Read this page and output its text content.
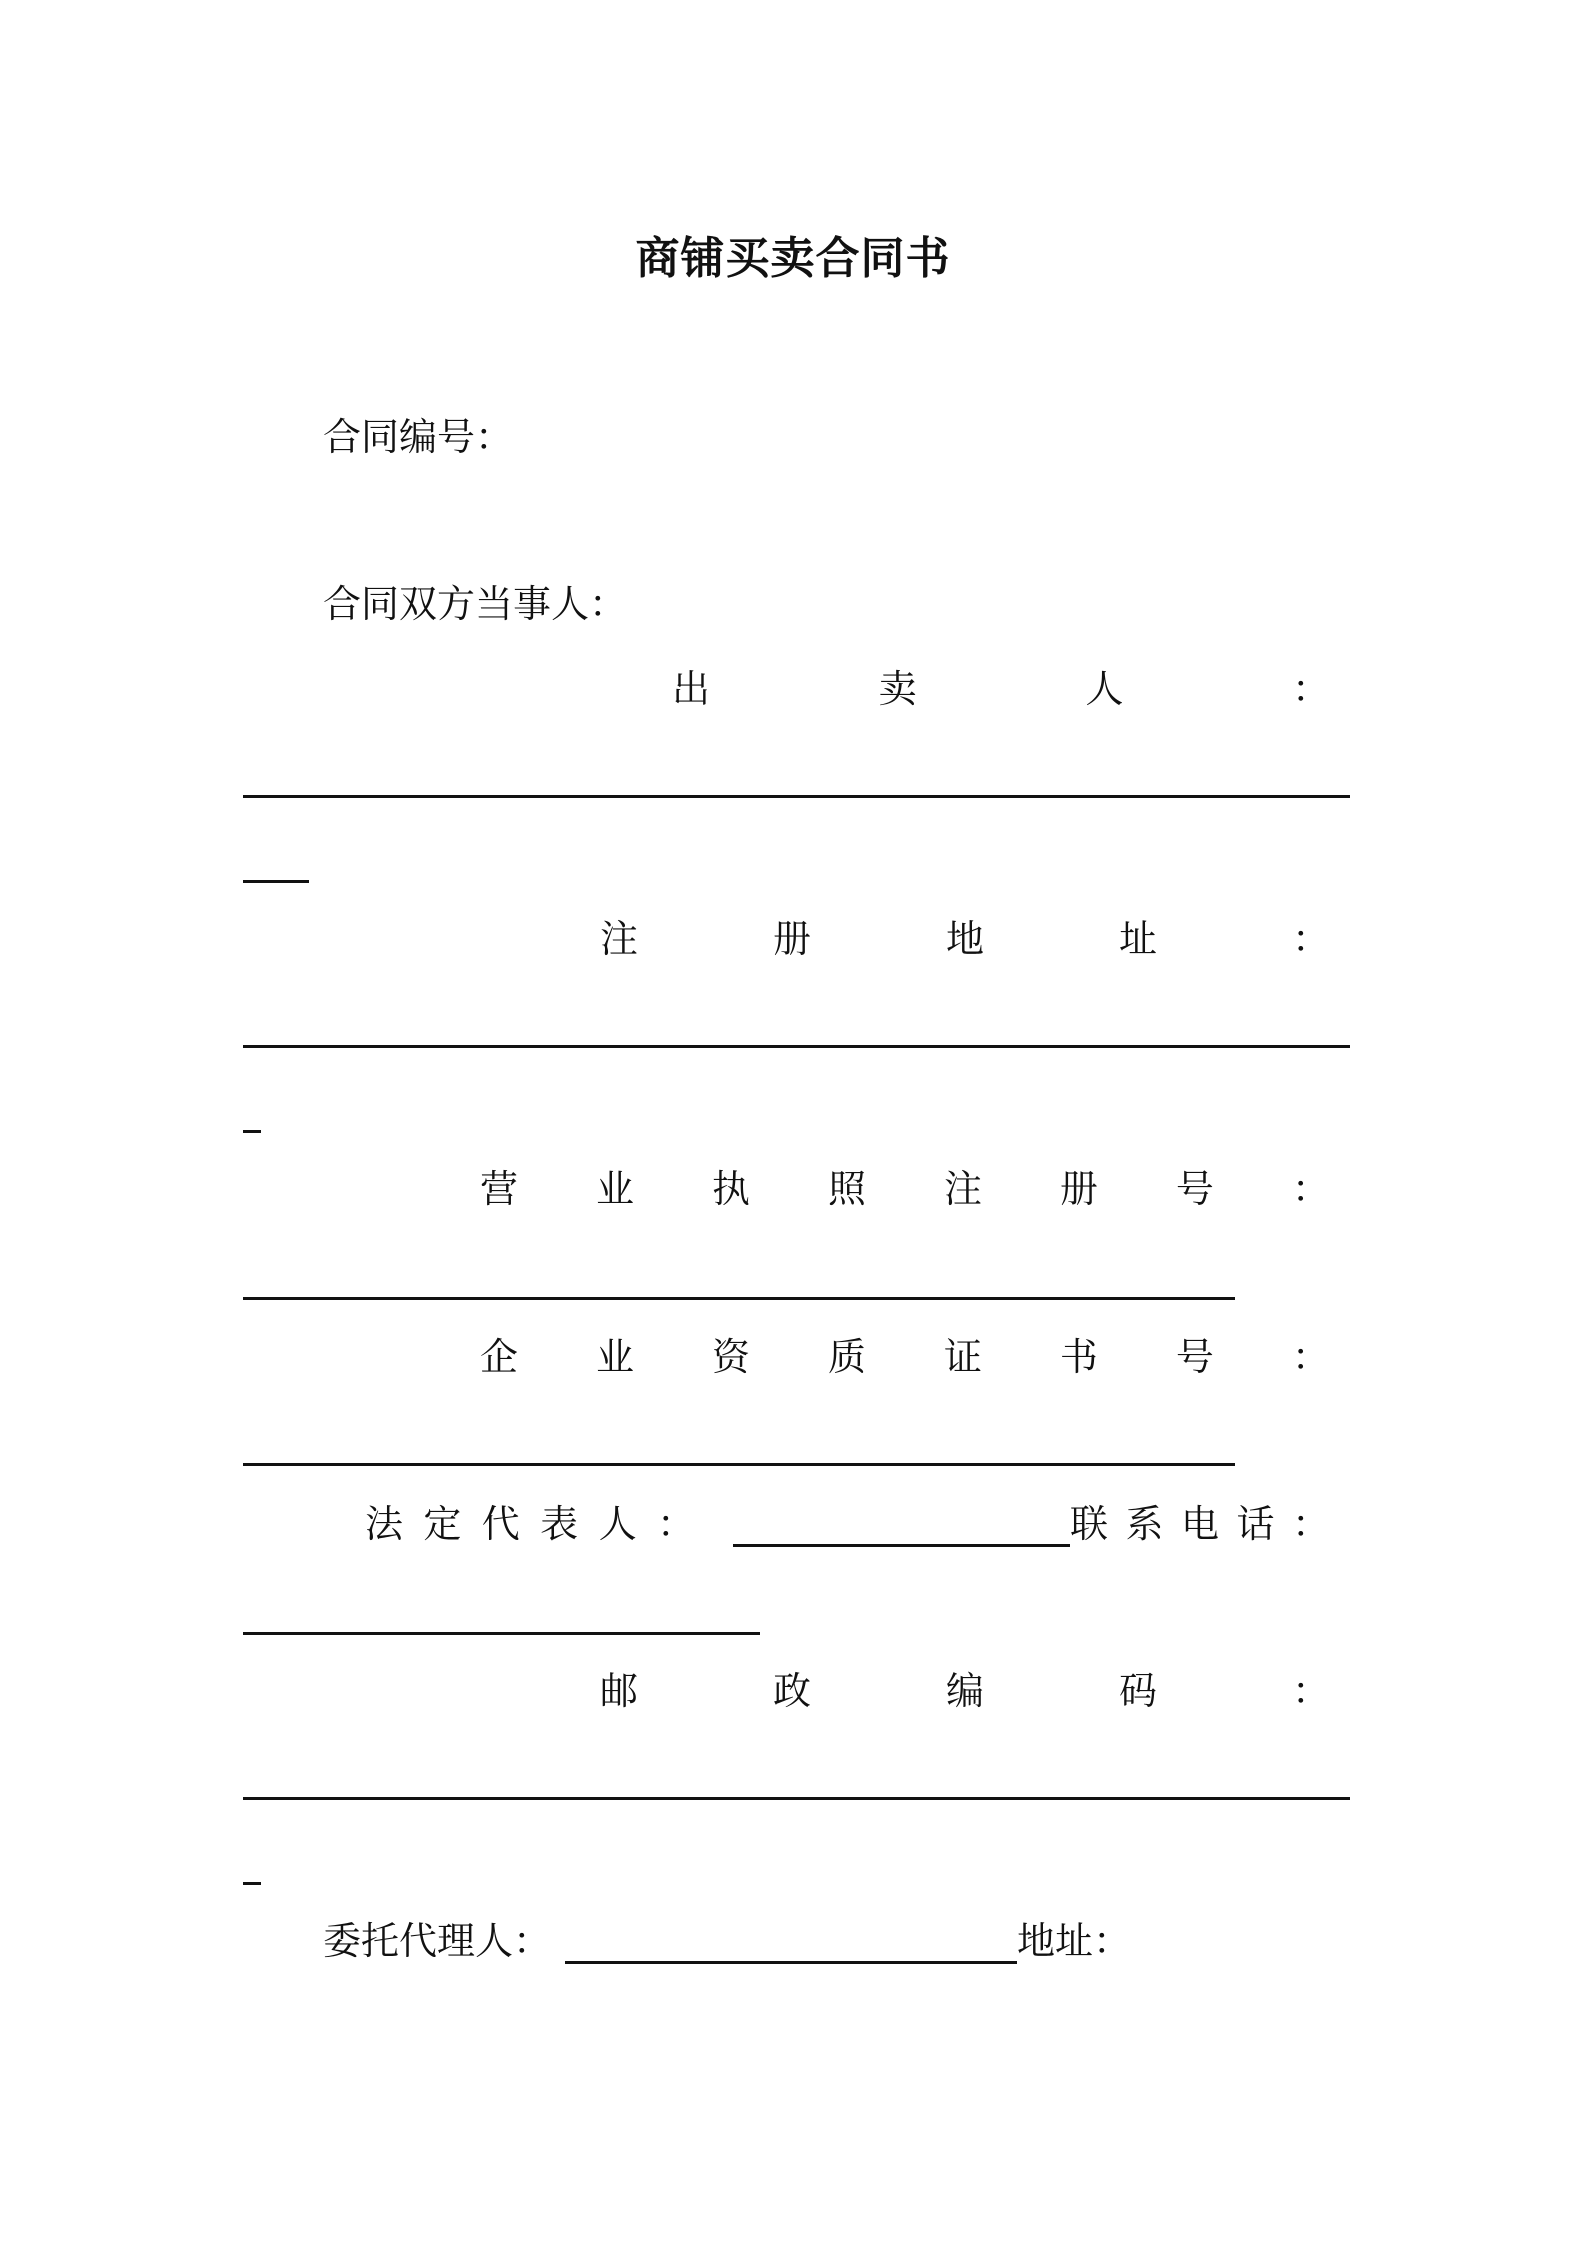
商铺买卖合同书
合同编号：
合同双方当事人：
出	卖	人	：
注	册	地	址	：
营 业 执 照 注 册 号 ：
企 业 资 质 证 书 号 ：
法 定 代 表 人 ：	联 系 电 话 ：
邮	政	编	码	：
委托代理人：	地址：
